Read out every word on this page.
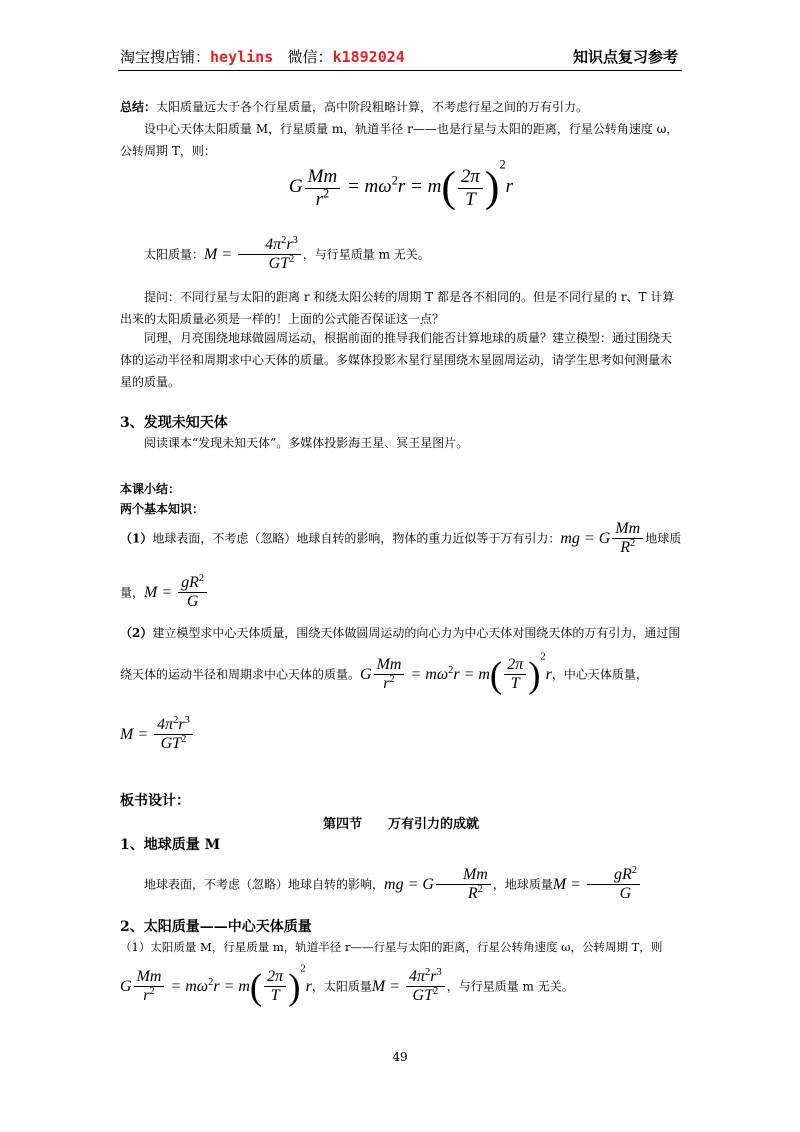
淘宝搜店铺：heylins 微信：k1892024	知识点复习参考
总结：太阳质量远大于各个行星质量，高中阶段粗略计算，不考虑行星之间的万有引力。
设中心天体太阳质量 M，行星质量 m，轨道半径 r——也是行星与太阳的距离，行星公转角速度 ω，公转周期 T，则：
G $\frac{Mm}{r^2} = m\omega^2r = m( \frac{2\pi}{T} )^2r$
太阳质量：$M = \frac{4\pi^2r^3}{GT^2}$ ，与行星质量 m 无关。
提问：不同行星与太阳的距离 r 和绕太阳公转的周期 T 都是各不相同的。但是不同行星的 r、T 计算出来的太阳质量必须是一样的！上面的公式能否保证这一点？
同理，月亮围绕地球做圆周运动，根据前面的推导我们能否计算地球的质量？建立模型：通过围绕天体的运动半径和周期求中心天体的质量。多媒体投影木星行星围绕木星圆周运动，请学生思考如何测量木星的质量。
3、发现未知天体
阅读课本“发现未知天体”。多媒体投影海王星、冥王星图片。
本课小结：
两个基本知识：
（1）地球表面，不考虑（忽略）地球自转的影响，物体的重力近似等于万有引力：mg = G $\frac{Mm}{R^2}$ 地球质
量，$M = \frac{gR^2}{G}$
（2）建立模型求中心天体质量，围绕天体做圆周运动的向心力为中心天体对围绕天体的万有引力，通过围
绕天体的运动半径和周期求中心天体的质量。G $\frac{Mm}{r^2} = m\omega^2r = m( \frac{2\pi}{T} )^2r$，中心天体质量，
$M = \frac{4\pi^2r^3}{GT^2}$
板书设计：
第四节　　万有引力的成就
1、地球质量 M
地球表面，不考虑（忽略）地球自转的影响，mg = G $\frac{Mm}{R^2}$ ，地球质量$M = \frac{gR^2}{G}$
2、太阳质量——中心天体质量
（1）太阳质量 M，行星质量 m，轨道半径 r——行星与太阳的距离，行星公转角速度 ω，公转周期 T，则
G $\frac{Mm}{r^2} = m\omega^2r = m( \frac{2\pi}{T} )^2r$，太阳质量$M = \frac{4\pi^2r^3}{GT^2}$ ，与行星质量 m 无关。
49
